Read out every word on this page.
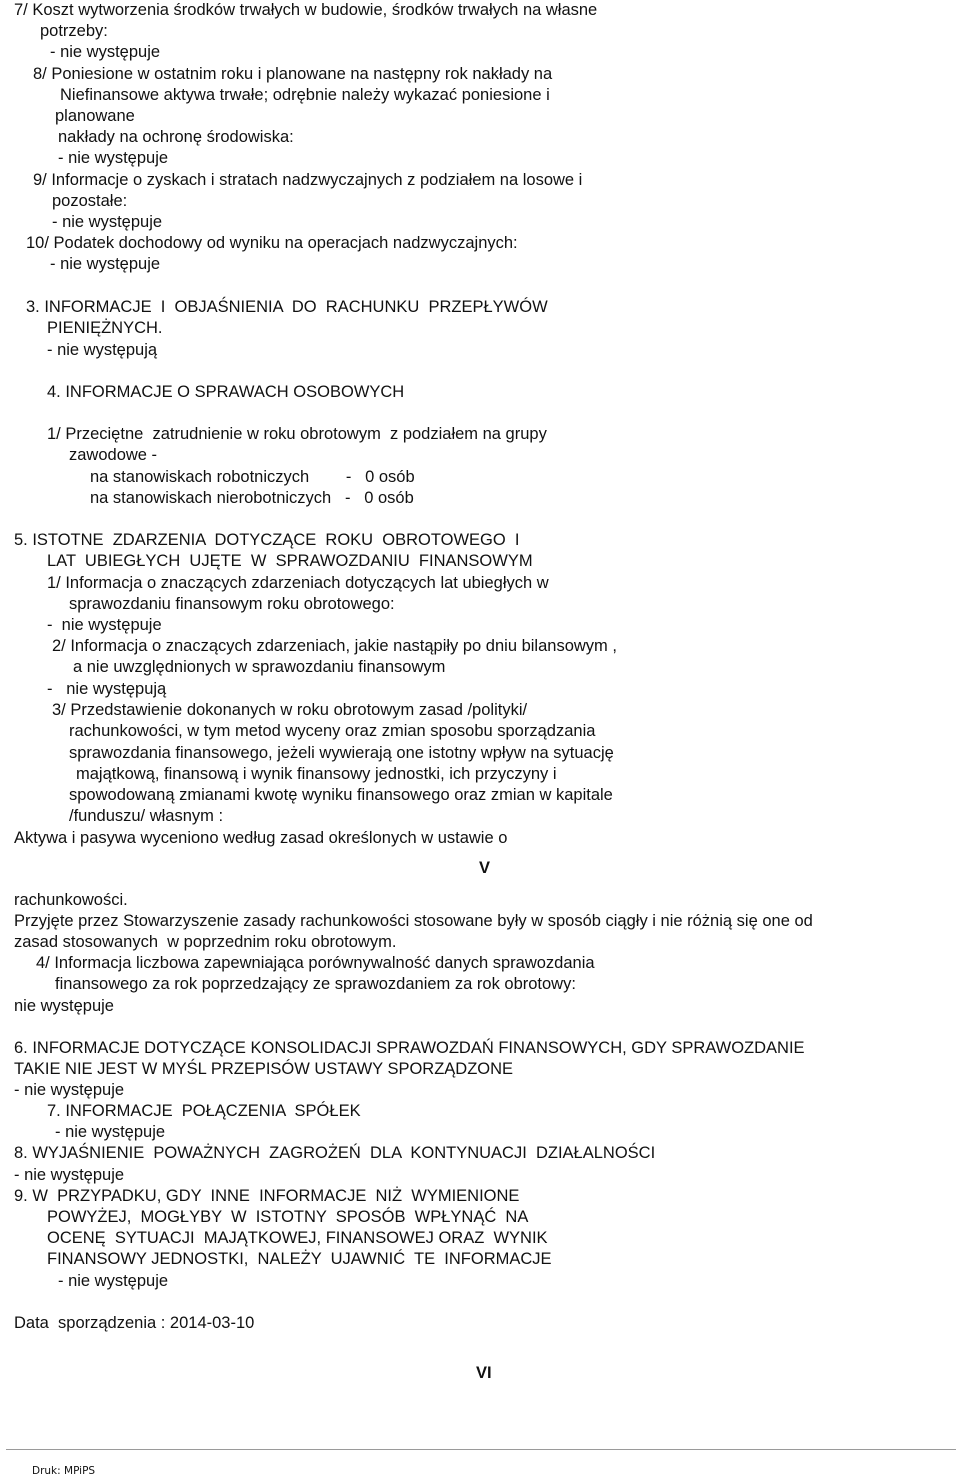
7/ Koszt wytworzenia środków trwałych w budowie, środków trwałych na własne
potrzeby:
- nie występuje
8/ Poniesione w ostatnim roku i planowane na następny rok nakłady na
Niefinansowe aktywa trwałe; odrębnie należy wykazać poniesione i
planowane
nakłady na ochronę środowiska:
- nie występuje
9/ Informacje o zyskach i stratach nadzwyczajnych z podziałem na losowe i
pozostałe:
- nie występuje
10/ Podatek dochodowy od wyniku na operacjach nadzwyczajnych:
- nie występuje
3. INFORMACJE  I  OBJAŚNIENIA  DO  RACHUNKU  PRZEPŁYWÓW
PIENIĘŻNYCH.
- nie występują
4. INFORMACJE O SPRAWACH OSOBOWYCH
1/ Przeciętne  zatrudnienie w roku obrotowym  z podziałem na grupy
zawodowe -
na stanowiskach robotniczych        -   0 osób
na stanowiskach nierobotniczych   -   0 osób
5. ISTOTNE  ZDARZENIA  DOTYCZĄCE  ROKU  OBROTOWEGO  I
LAT  UBIEGŁYCH  UJĘTE  W  SPRAWOZDANIU  FINANSOWYM
1/ Informacja o znaczących zdarzeniach dotyczących lat ubiegłych w
sprawozdaniu finansowym roku obrotowego:
-  nie występuje
2/ Informacja o znaczących zdarzeniach, jakie nastąpiły po dniu bilansowym ,
a nie uwzględnionych w sprawozdaniu finansowym
-   nie występują
3/ Przedstawienie dokonanych w roku obrotowym zasad /polityki/
rachunkowości, w tym metod wyceny oraz zmian sposobu sporządzania
sprawozdania finansowego, jeżeli wywierają one istotny wpływ na sytuację
majątkową, finansową i wynik finansowy jednostki, ich przyczyny i
spowodowaną zmianami kwotę wyniku finansowego oraz zmian w kapitale
/funduszu/ własnym :
Aktywa i pasywa wyceniono według zasad określonych w ustawie o
V
rachunkowości.
Przyjęte przez Stowarzyszenie zasady rachunkowości stosowane były w sposób ciągły i nie różnią się one od
zasad stosowanych  w poprzednim roku obrotowym.
4/ Informacja liczbowa zapewniająca porównywalność danych sprawozdania
finansowego za rok poprzedzający ze sprawozdaniem za rok obrotowy:
nie występuje
6. INFORMACJE DOTYCZĄCE KONSOLIDACJI SPRAWOZDAŃ FINANSOWYCH, GDY SPRAWOZDANIE
TAKIE NIE JEST W MYŚL PRZEPISÓW USTAWY SPORZĄDZONE
- nie występuje
7. INFORMACJE  POŁĄCZENIA  SPÓŁEK
- nie występuje
8. WYJAŚNIENIE  POWAŻNYCH  ZAGROŻEŃ  DLA  KONTYNUACJI  DZIAŁALNOŚCI
- nie występuje
9. W  PRZYPADKU, GDY  INNE  INFORMACJE  NIŻ  WYMIENIONE
POWYŻEJ,  MOGŁYBY  W  ISTOTNY  SPOSÓB  WPŁYNĄĆ  NA
OCENĘ  SYTUACJI  MAJĄTKOWEJ, FINANSOWEJ ORAZ  WYNIK
FINANSOWY JEDNOSTKI,  NALEŻY  UJAWNIĆ  TE  INFORMACJE
- nie występuje
Data  sporządzenia : 2014-03-10
VI
Druk: MPiPS
